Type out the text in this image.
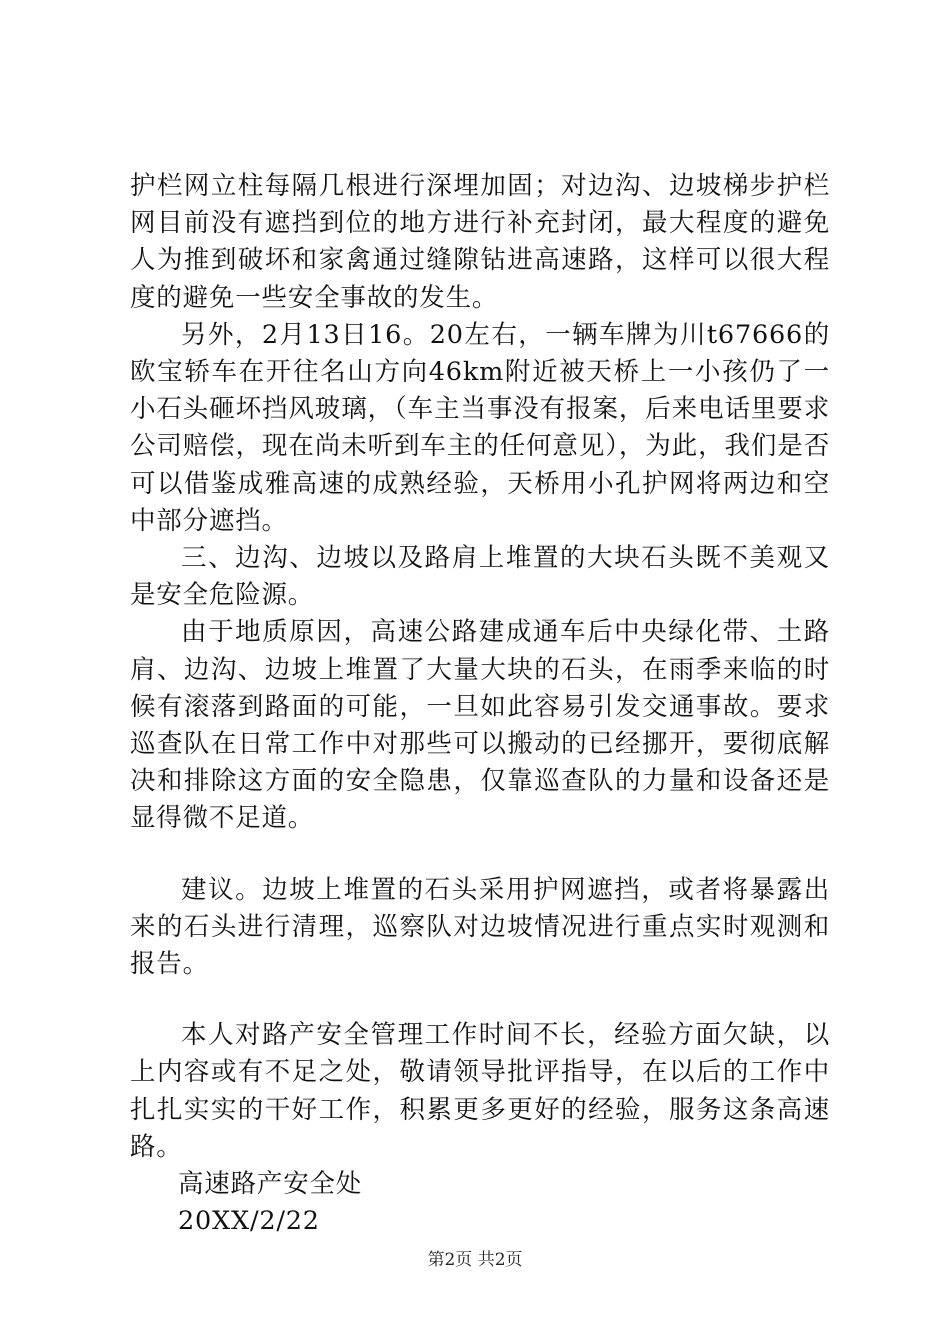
护栏网立柱每隔几根进行深埋加固；对边沟、边坡梯步护栏网目前没有遮挡到位的地方进行补充封闭，最大程度的避免人为推到破坏和家禽通过缝隙钻进高速路，这样可以很大程度的避免一些安全事故的发生。

另外，2月13日16。20左右，一辆车牌为川t67666的欧宝轿车在开往名山方向46km附近被天桥上一小孩仍了一小石头砸坏挡风玻璃，（车主当事没有报案，后来电话里要求公司赔偿，现在尚未听到车主的任何意见），为此，我们是否可以借鉴成雅高速的成熟经验，天桥用小孔护网将两边和空中部分遮挡。

三、边沟、边坡以及路肩上堆置的大块石头既不美观又是安全危险源。

由于地质原因，高速公路建成通车后中央绿化带、土路肩、边沟、边坡上堆置了大量大块的石头，在雨季来临的时候有滚落到路面的可能，一旦如此容易引发交通事故。要求巡查队在日常工作中对那些可以搬动的已经挪开，要彻底解决和排除这方面的安全隐患，仅靠巡查队的力量和设备还是显得微不足道。

建议。边坡上堆置的石头采用护网遮挡，或者将暴露出来的石头进行清理，巡察队对边坡情况进行重点实时观测和报告。

本人对路产安全管理工作时间不长，经验方面欠缺，以上内容或有不足之处，敬请领导批评指导，在以后的工作中扎扎实实的干好工作，积累更多更好的经验，服务这条高速路。

高速路产安全处

20XX/2/22

第2页 共2页
